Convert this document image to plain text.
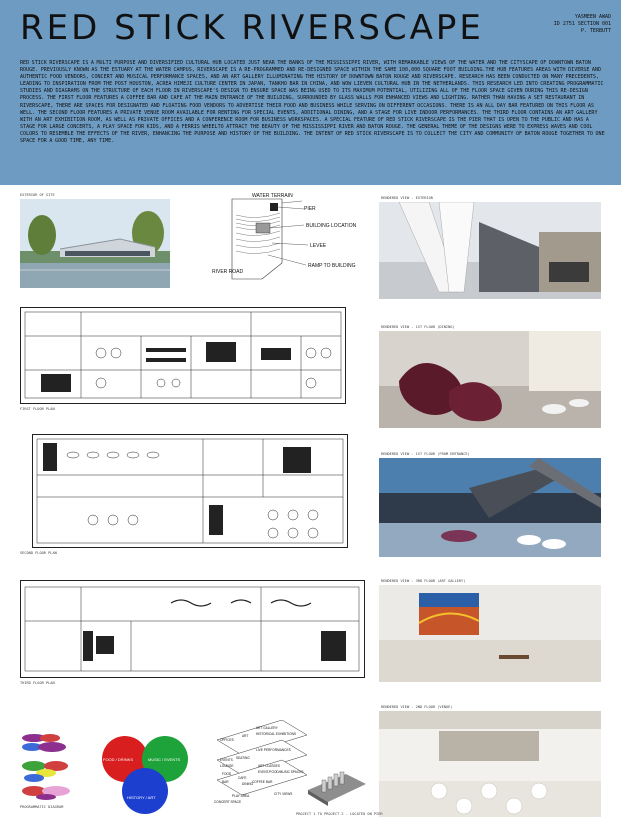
RED STICK RIVERSCAPE	YASMEEN AWAD
ID 2751 SECTION 001
P. TERBUTT
RED STICK RIVERSCAPE IS A MULTI PURPOSE AND DIVERSIFIED CULTURAL HUB LOCATED JUST NEAR THE BANKS OF THE MISSISSIPPI RIVER, WITH REMARKABLE VIEWS OF THE WATER AND THE CITYSCAPE OF DOWNTOWN BATON ROUGE. PREVIOUSLY KNOWN AS THE ESTUARY AT THE WATER CAMPUS, RIVERSCAPE IS A RE-PROGRAMMED AND RE-DESIGNED SPACE WITHIN THE SAME 100,000 SQUARE FOOT BUILDING.THE HUB FEATURES AREAS WITH DIVERSE AND AUTHENTIC FOOD VENDORS, CONCERT AND MUSICAL PERFORMANCE SPACES, AND AN ART GALLERY ILLUMINATING THE HISTORY OF DOWNTOWN BATON ROUGE AND RIVERSCAPE. RESEARCH HAS BEEN CONDUCTED ON MANY PRECEDENTS, LEADING TO INSPIRATION FROM THE POST HOUSTON, ACREA HIMEJI CULTURE CENTER IN JAPAN, TANKHO BAR IN CHINA, AND WOW LIEVEN CULTURAL HUB IN THE NETHERLANDS. THIS RESEARCH LED INTO CREATING PROGRAMMATIC STUDIES AND DIAGRAMS ON THE STRUCTURE OF EACH FLOOR IN RIVERSCAPE'S DESIGN TO ENSURE SPACE WAS BEING USED TO ITS MAXIMUM POTENTIAL, UTILIZING ALL OF THE FLOOR SPACE GIVEN DURING THIS RE-DESIGN PROCESS. THE FIRST FLOOR FEATURES A COFFEE BAR AND CAFE AT THE MAIN ENTRANCE OF THE BUILDING, SURROUNDED BY GLASS WALLS FOR ENHANCED VIEWS AND LIGHTING. RATHER THAN HAVING A SET RESTAURANT IN RIVERSCAPE, THERE ARE SPACES FOR DESIGNATED AND FLOATING FOOD VENDORS TO ADVERTISE THEIR FOOD AND BUSINESS WHILE SERVING ON DIFFERENT OCCASIONS. THERE IS AN ALL DAY BAR FEATURED ON THIS FLOOR AS WELL. THE SECOND FLOOR FEATURES A PRIVATE VENUE ROOM AVAILABLE FOR RENTING FOR SPECIAL EVENTS, ADDITIONAL DINING, AND A STAGE FOR LIVE INDOOR PERFORMANCES. THE THIRD FLOOR CONTAINS AN ART GALLERY WITH AN ART EXHIBITION ROOM, AS WELL AS PRIVATE OFFICES AND A CONFERENCE ROOM FOR BUSINESS WORKSPACES. A SPECIAL FEATURE OF RED STICK RIVERSCAPE IS THE PIER THAT IS OPEN TO THE PUBLIC AND HAS A STAGE FOR LARGE CONCERTS, A PLAY SPACE FOR KIDS, AND A FERRIS WHEELTO ATTRACT THE BEAUTY OF THE MISSISSIPPI RIVER AND BATON ROUGE. THE GENERAL THEME OF THE DESIGNS WERE TO EXPRESS WAVES AND COOL COLORS TO RESEMBLE THE EFFECTS OF THE RIVER, ENHANCING THE PURPOSE AND HISTORY OF THE BUILDING. THE INTENT OF RED STICK RIVERSCAPE IS TO COLLECT THE CITY AND COMMUNITY OF BATON ROUGE TOGETHER TO ONE SPACE FOR A GOOD TIME, ANY TIME.
EXTERIOR OF SITE	WATER TERRAIN
PIER
BUILDING LOCATION
LEVEE
RAMP TO BUILDING
RIVER ROAD
FIRST FLOOR PLAN
SECOND FLOOR PLAN
THIRD FLOOR PLAN
RENDERED VIEW - EXTERIOR
RENDERED VIEW - 1ST FLOOR (DINING)
RENDERED VIEW - 1ST FLOOR (FROM ENTRANCE)
RENDERED VIEW - 3RD FLOOR (ART GALLERY)
RENDERED VIEW - 2ND FLOOR (VENUE)
PROGRAMMATIC DIAGRAM
FOOD / DRINKS	MUSIC / EVENTS
HISTORY / ART
OFFICES
ART
ART GALLERY
HISTORICAL EXHIBITIONS
EVENTS SEATING
LOUNGE
LIVE PERFORMANCES
FOOD
CAFE
DINING
BAR
ART CLASSES
EVENT/FOOD/MUSIC SPACES
COFFEE BAR
PLAY AREA
CONCERT SPACE
CITY VIEWS
PROJECT 1 TO PROJECT 2 - LOCATED ON PIER
